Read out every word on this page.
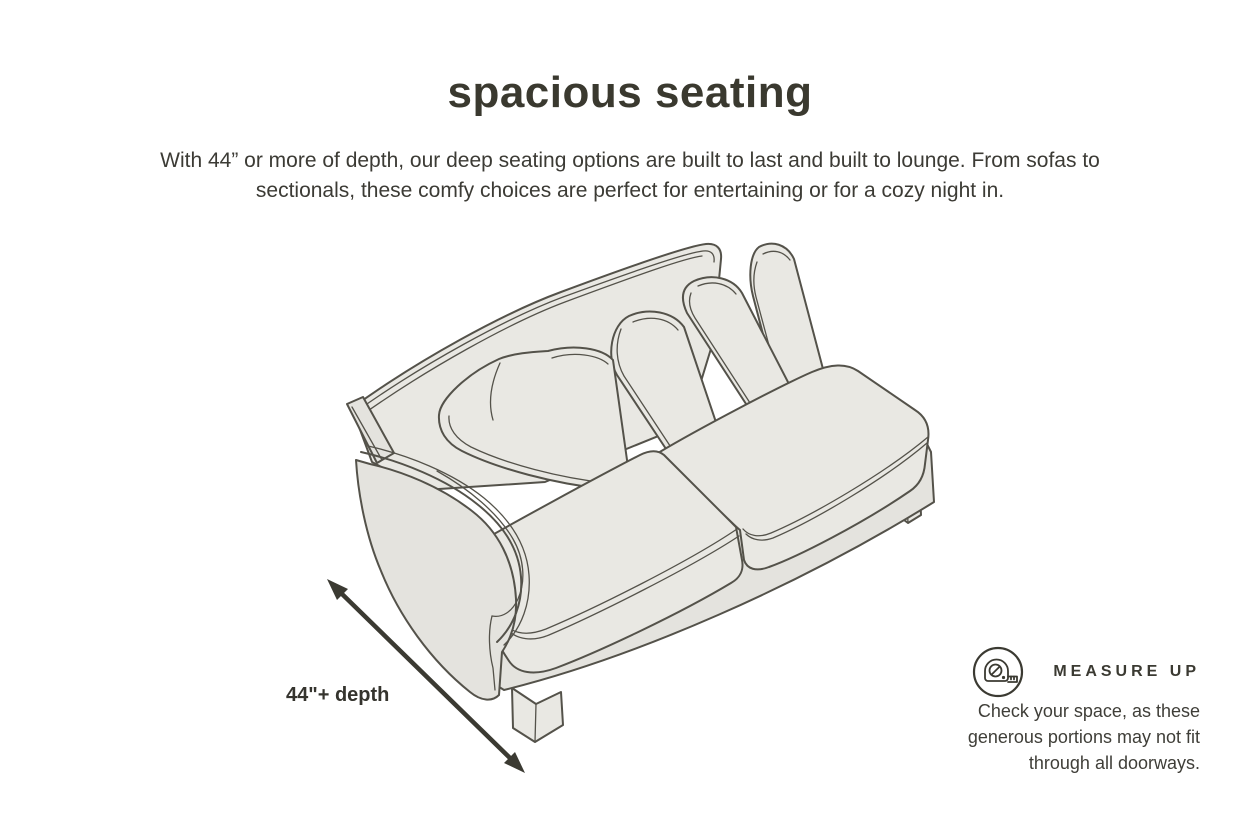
spacious seating

With 44” or more of depth, our deep seating options are built to last and built to lounge. From sofas to sectionals, these comfy choices are perfect for entertaining or for a cozy night in.

44"+ depth
MEASURE UP
Check your space, as these
generous portions may not fit
through all doorways.
